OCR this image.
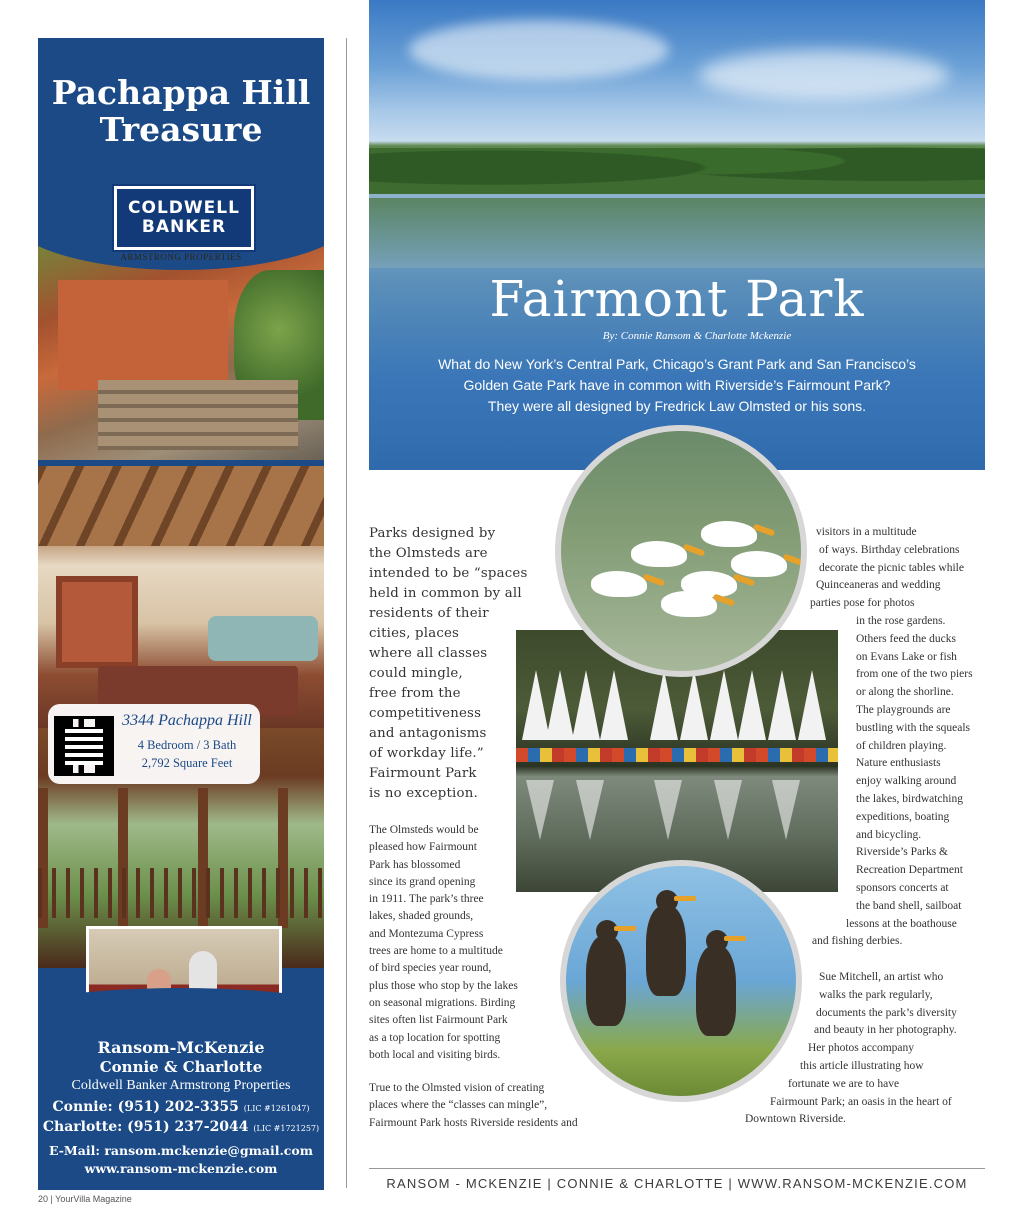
Pachappa Hill
Treasure
COLDWELL
BANKER
ARMSTRONG PROPERTIES
3344 Pachappa Hill
4 Bedroom / 3 Bath
2,792 Square Feet
Ransom-McKenzie
Connie & Charlotte
Coldwell Banker Armstrong Properties
Connie: (951) 202-3355 (LIC #1261047)
Charlotte: (951) 237-2044 (LIC #1721257)
E-Mail: ransom.mckenzie@gmail.com
www.ransom-mckenzie.com
20 | YourVilla Magazine
Fairmont Park
By: Connie Ransom & Charlotte Mckenzie
What do New York’s Central Park, Chicago’s Grant Park and San Francisco’s
Golden Gate Park have in common with Riverside’s Fairmount Park?
They were all designed by Fredrick Law Olmsted or his sons.
Parks designed by
the Olmsteds are
intended to be “spaces
held in common by all
residents of their
cities, places
where all classes
could mingle,
free from the
competitiveness
and antagonisms
of workday life.”
Fairmount Park
is no exception.
The Olmsteds would be
pleased how Fairmount
Park has blossomed
since its grand opening
in 1911. The park’s three
lakes, shaded grounds,
and Montezuma Cypress
trees are home to a multitude
of bird species year round,
plus those who stop by the lakes
on seasonal migrations. Birding
sites often list Fairmount Park
as a top location for spotting
both local and visiting birds.
True to the Olmsted vision of creating
places where the “classes can mingle”,
Fairmount Park hosts Riverside residents and
visitors in a multitude
of ways. Birthday celebrations
decorate the picnic tables while
Quinceaneras and wedding
parties pose for photos
in the rose gardens.
Others feed the ducks
on Evans Lake or fish
from one of the two piers
or along the shorline.
The playgrounds are
bustling with the squeals
of children playing.
Nature enthusiasts
enjoy walking around
the lakes, birdwatching
expeditions, boating
and bicycling.
Riverside’s Parks &
Recreation Department
sponsors concerts at
the band shell, sailboat
lessons at the boathouse
and fishing derbies.
Sue Mitchell, an artist who
walks the park regularly,
documents the park’s diversity
and beauty in her photography.
Her photos accompany
this article illustrating how
fortunate we are to have
Fairmount Park; an oasis in the heart of
Downtown Riverside.
RANSOM - MCKENZIE | CONNIE & CHARLOTTE | WWW.RANSOM-MCKENZIE.COM
